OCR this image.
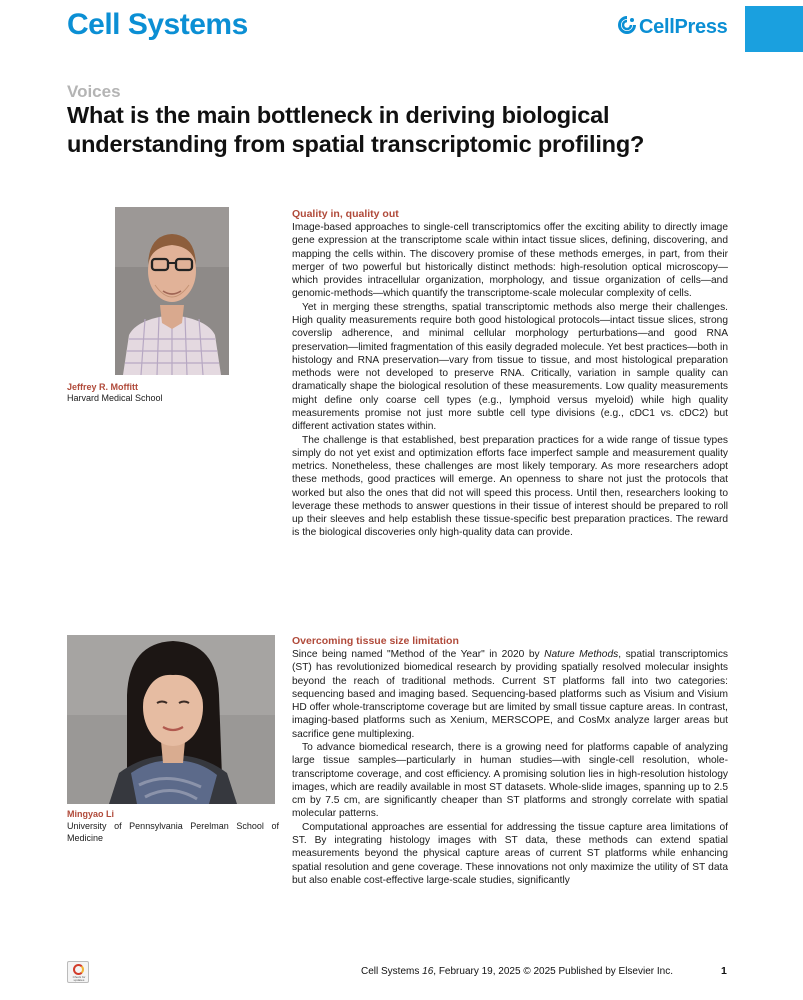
Cell Systems	CellPress
Voices
What is the main bottleneck in deriving biological understanding from spatial transcriptomic profiling?
Jeffrey R. Moffitt
Harvard Medical School
Mingyao Li
University of Pennsylvania Perelman School of Medicine
Quality in, quality out

Image-based approaches to single-cell transcriptomics offer the exciting ability to directly image gene expression at the transcriptome scale within intact tissue slices, defining, discovering, and mapping the cells within. The discovery promise of these methods emerges, in part, from their merger of two powerful but historically distinct methods: high-resolution optical microscopy—which provides intracellular organization, morphology, and tissue organization of cells—and genomic-methods—which quantify the transcriptome-scale molecular complexity of cells.

Yet in merging these strengths, spatial transcriptomic methods also merge their challenges. High quality measurements require both good histological protocols—intact tissue slices, strong coverslip adherence, and minimal cellular morphology perturbations—and good RNA preservation—limited fragmentation of this easily degraded molecule. Yet best practices—both in histology and RNA preservation—vary from tissue to tissue, and most histological preparation methods were not developed to preserve RNA. Critically, variation in sample quality can dramatically shape the biological resolution of these measurements. Low quality measurements might define only coarse cell types (e.g., lymphoid versus myeloid) while high quality measurements promise not just more subtle cell type divisions (e.g., cDC1 vs. cDC2) but different activation states within.

The challenge is that established, best preparation practices for a wide range of tissue types simply do not yet exist and optimization efforts face imperfect sample and measurement quality metrics. Nonetheless, these challenges are most likely temporary. As more researchers adopt these methods, good practices will emerge. An openness to share not just the protocols that worked but also the ones that did not will speed this process. Until then, researchers looking to leverage these methods to answer questions in their tissue of interest should be prepared to roll up their sleeves and help establish these tissue-specific best preparation practices. The reward is the biological discoveries only high-quality data can provide.

Overcoming tissue size limitation

Since being named "Method of the Year" in 2020 by Nature Methods, spatial transcriptomics (ST) has revolutionized biomedical research by providing spatially resolved molecular insights beyond the reach of traditional methods. Current ST platforms fall into two categories: sequencing based and imaging based. Sequencing-based platforms such as Visium and Visium HD offer whole-transcriptome coverage but are limited by small tissue capture areas. In contrast, imaging-based platforms such as Xenium, MERSCOPE, and CosMx analyze larger areas but sacrifice gene multiplexing.

To advance biomedical research, there is a growing need for platforms capable of analyzing large tissue samples—particularly in human studies—with single-cell resolution, whole-transcriptome coverage, and cost efficiency. A promising solution lies in high-resolution histology images, which are readily available in most ST datasets. Whole-slide images, spanning up to 2.5 cm by 7.5 cm, are significantly cheaper than ST platforms and strongly correlate with spatial molecular patterns.

Computational approaches are essential for addressing the tissue capture area limitations of ST. By integrating histology images with ST data, these methods can extend spatial measurements beyond the physical capture areas of current ST platforms while enhancing spatial resolution and gene coverage. These innovations not only maximize the utility of ST data but also enable cost-effective large-scale studies, significantly

Check for updates
Cell Systems 16, February 19, 2025 © 2025 Published by Elsevier Inc.	1
